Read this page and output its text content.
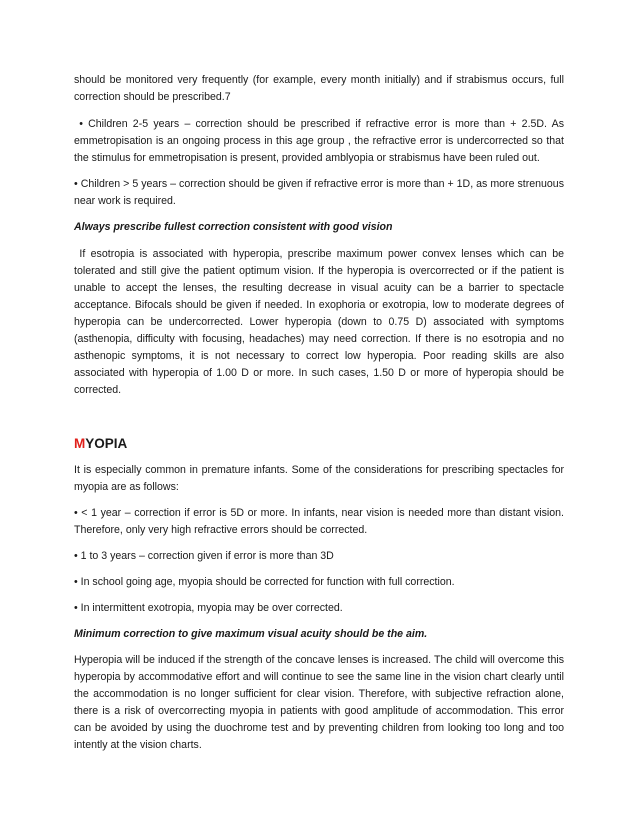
should be monitored very frequently (for example, every month initially) and if strabismus occurs, full correction should be prescribed.7

• Children 2-5 years – correction should be prescribed if refractive error is more than + 2.5D. As emmetropisation is an ongoing process in this age group , the refractive error is undercorrected so that the stimulus for emmetropisation is present, provided amblyopia or strabismus have been ruled out.

• Children > 5 years – correction should be given if refractive error is more than + 1D, as more strenuous near work is required.

Always prescribe fullest correction consistent with good vision

If esotropia is associated with hyperopia, prescribe maximum power convex lenses which can be tolerated and still give the patient optimum vision. If the hyperopia is overcorrected or if the patient is unable to accept the lenses, the resulting decrease in visual acuity can be a barrier to spectacle acceptance. Bifocals should be given if needed. In exophoria or exotropia, low to moderate degrees of hyperopia can be undercorrected. Lower hyperopia (down to 0.75 D) associated with symptoms (asthenopia, difficulty with focusing, headaches) may need correction. If there is no esotropia and no asthenopic symptoms, it is not necessary to correct low hyperopia. Poor reading skills are also associated with hyperopia of 1.00 D or more. In such cases, 1.50 D or more of hyperopia should be corrected.

MYOPIA

It is especially common in premature infants. Some of the considerations for prescribing spectacles for myopia are as follows:

• < 1 year – correction if error is 5D or more. In infants, near vision is needed more than distant vision. Therefore, only very high refractive errors should be corrected.

• 1 to 3 years – correction given if error is more than 3D

• In school going age, myopia should be corrected for function with full correction.

• In intermittent exotropia, myopia may be over corrected.

Minimum correction to give maximum visual acuity should be the aim.

Hyperopia will be induced if the strength of the concave lenses is increased. The child will overcome this hyperopia by accommodative effort and will continue to see the same line in the vision chart clearly until the accommodation is no longer sufficient for clear vision. Therefore, with subjective refraction alone, there is a risk of overcorrecting myopia in patients with good amplitude of accommodation. This error can be avoided by using the duochrome test and by preventing children from looking too long and too intently at the vision charts.
